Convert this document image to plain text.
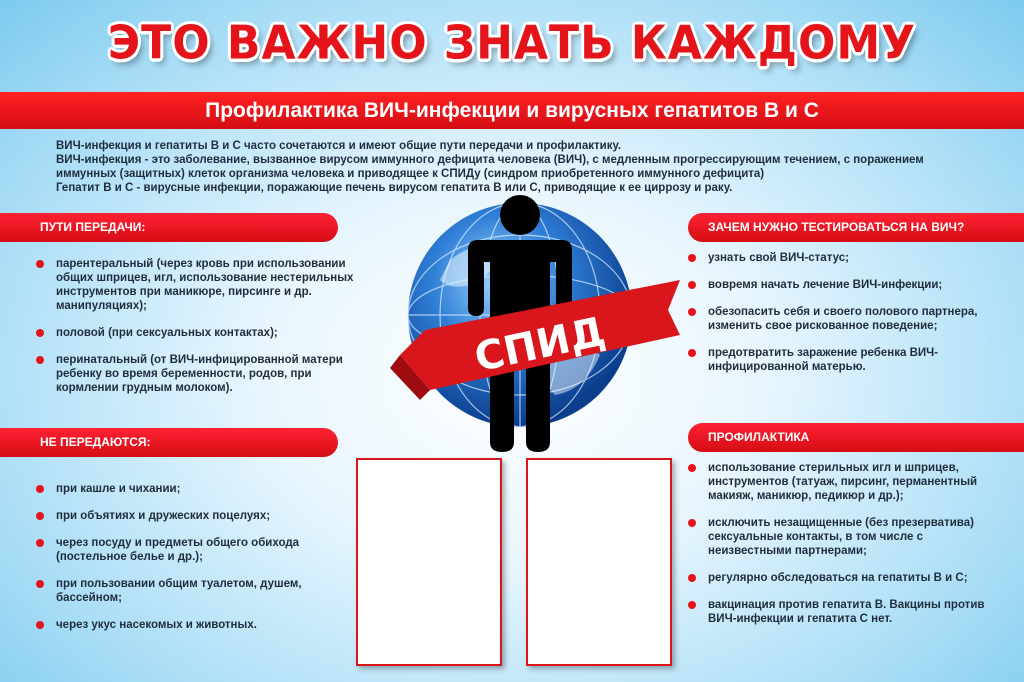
ЭТО ВАЖНО ЗНАТЬ КАЖДОМУ
Профилактика ВИЧ-инфекции и вирусных гепатитов В и С

ВИЧ-инфекция и гепатиты В и С часто сочетаются и имеют общие пути передачи и профилактику.

ВИЧ-инфекция - это заболевание, вызванное вирусом иммунного дефицита человека (ВИЧ), с медленным прогрессирующим течением, с поражением иммунных (защитных) клеток организма человека и приводящее к СПИДу (синдром приобретенного иммунного дефицита)

Гепатит В и С - вирусные инфекции, поражающие печень вирусом гепатита В или С, приводящие к ее циррозу и раку.

ПУТИ ПЕРЕДАЧИ:
парентеральный (через кровь при использовании общих шприцев, игл, использование нестерильных инструментов при маникюре, пирсинге и др. манипуляциях);
половой (при сексуальных контактах);
перинатальный (от ВИЧ-инфицированной матери ребенку во время беременности, родов, при кормлении грудным молоком).
НЕ ПЕРЕДАЮТСЯ:
при кашле и чихании;
при объятиях и дружеских поцелуях;
через посуду и предметы общего обихода (постельное белье и др.);
при пользовании общим туалетом, душем, бассейном;
через укус насекомых и животных.
ЗАЧЕМ НУЖНО ТЕСТИРОВАТЬСЯ НА ВИЧ?
узнать свой ВИЧ-статус;
вовремя начать лечение ВИЧ-инфекции;
обезопасить себя и своего полового партнера, изменить свое рискованное поведение;
предотвратить заражение ребенка ВИЧ-инфицированной матерью.
ПРОФИЛАКТИКА
использование стерильных игл и шприцев, инструментов (татуаж, пирсинг, перманентный макияж, маникюр, педикюр и др.);
исключить незащищенные (без презерватива) сексуальные контакты, в том числе с неизвестными партнерами;
регулярно обследоваться на гепатиты В и С;
вакцинация против гепатита В. Вакцины против ВИЧ-инфекции и гепатита С нет.
СПИД
